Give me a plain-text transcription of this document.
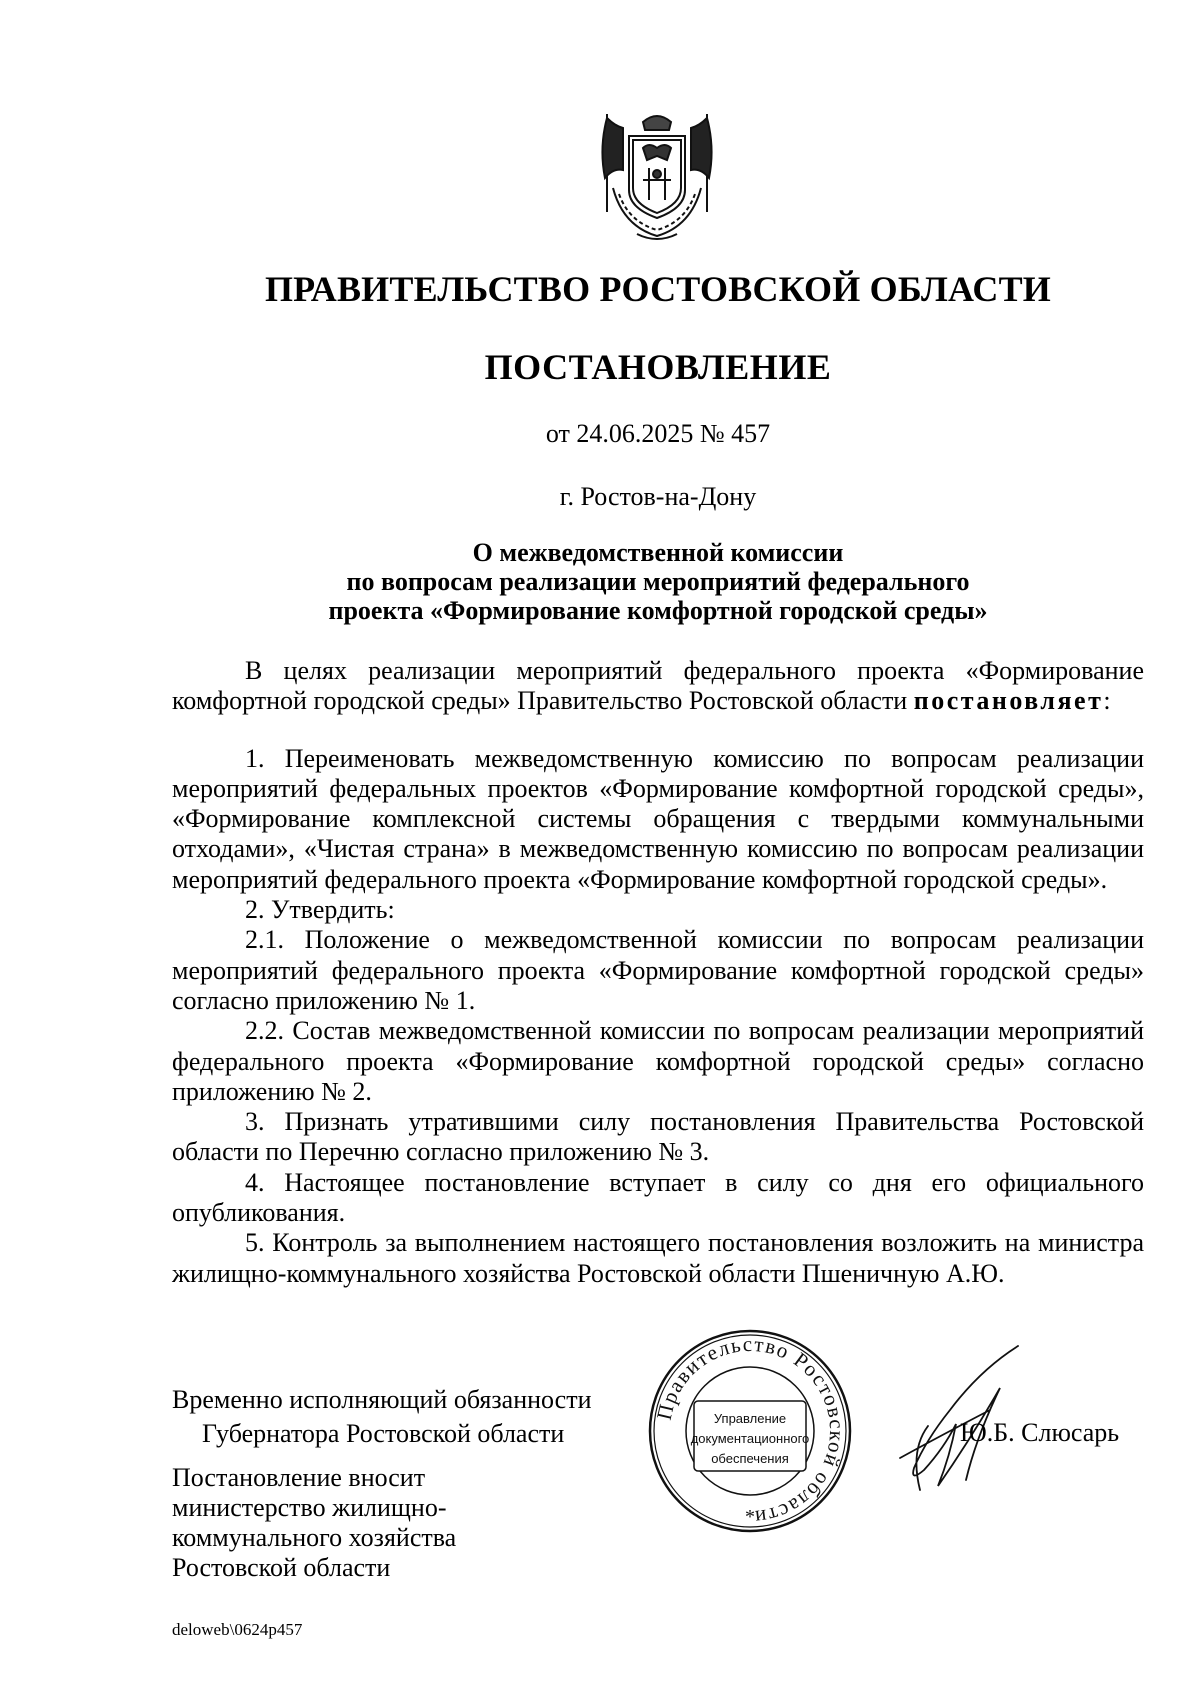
ПРАВИТЕЛЬСТВО РОСТОВСКОЙ ОБЛАСТИ
ПОСТАНОВЛЕНИЕ
от 24.06.2025 № 457
г. Ростов-на-Дону
О межведомственной комиссии
по вопросам реализации мероприятий федерального
проекта «Формирование комфортной городской среды»

В целях реализации мероприятий федерального проекта «Формирование комфортной городской среды» Правительство Ростовской области постановляет:

1. Переименовать межведомственную комиссию по вопросам реализации мероприятий федеральных проектов «Формирование комфортной городской среды», «Формирование комплексной системы обращения с твердыми коммунальными отходами», «Чистая страна» в межведомственную комиссию по вопросам реализации мероприятий федерального проекта «Формирование комфортной городской среды».

2. Утвердить:

2.1. Положение о межведомственной комиссии по вопросам реализации мероприятий федерального проекта «Формирование комфортной городской среды» согласно приложению № 1.

2.2. Состав межведомственной комиссии по вопросам реализации мероприятий федерального проекта «Формирование комфортной городской среды» согласно приложению № 2.

3. Признать утратившими силу постановления Правительства Ростовской области по Перечню согласно приложению № 3.

4. Настоящее постановление вступает в силу со дня его официального опубликования.

5. Контроль за выполнением настоящего постановления возложить на министра жилищно-коммунального хозяйства Ростовской области Пшеничную А.Ю.

Временно исполняющий обязанности
Губернатора Ростовской области
Правительство Ростовской области
Управление
документационного
обеспечения
*
Ю.Б. Слюсарь
Постановление вносит
министерство жилищно-
коммунального хозяйства
Ростовской области
deloweb\0624p457
